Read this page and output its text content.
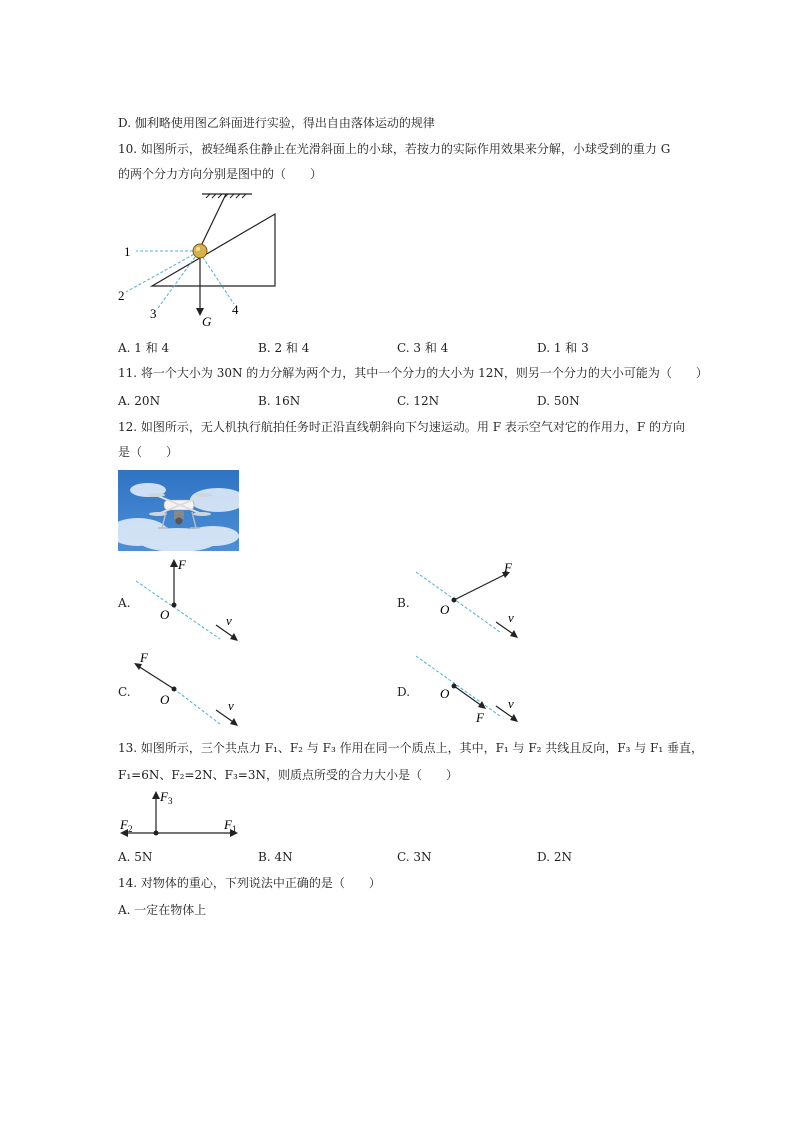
D. 伽利略使用图乙斜面进行实验，得出自由落体运动的规律
10. 如图所示，被轻绳系住静止在光滑斜面上的小球，若按力的实际作用效果来分解，小球受到的重力 G
的两个分力方向分别是图中的（　　）
1
2
3	4
G
A. 1 和 4	B. 2 和 4	C. 3 和 4	D. 1 和 3
11. 将一个大小为 30N 的力分解为两个力，其中一个分力的大小为 12N，则另一个分力的大小可能为（　　）
A. 20N	B. 16N	C. 12N	D. 50N
12. 如图所示，无人机执行航拍任务时正沿直线朝斜向下匀速运动。用 F 表示空气对它的作用力，F 的方向
是（　　）
A.
F
O	v
B.
F
O
v
C.
F
O	v
D.
F
O
v
13. 如图所示，三个共点力 F₁、F₂ 与 F₃ 作用在同一个质点上，其中，F₁ 与 F₂ 共线且反向，F₃ 与 F₁ 垂直，
F₁=6N、F₂=2N、F₃=3N，则质点所受的合力大小是（　　）
$F_3$
$F_2$	$F_1$
A. 5N	B. 4N	C. 3N	D. 2N
14. 对物体的重心，下列说法中正确的是（　　）
A. 一定在物体上
